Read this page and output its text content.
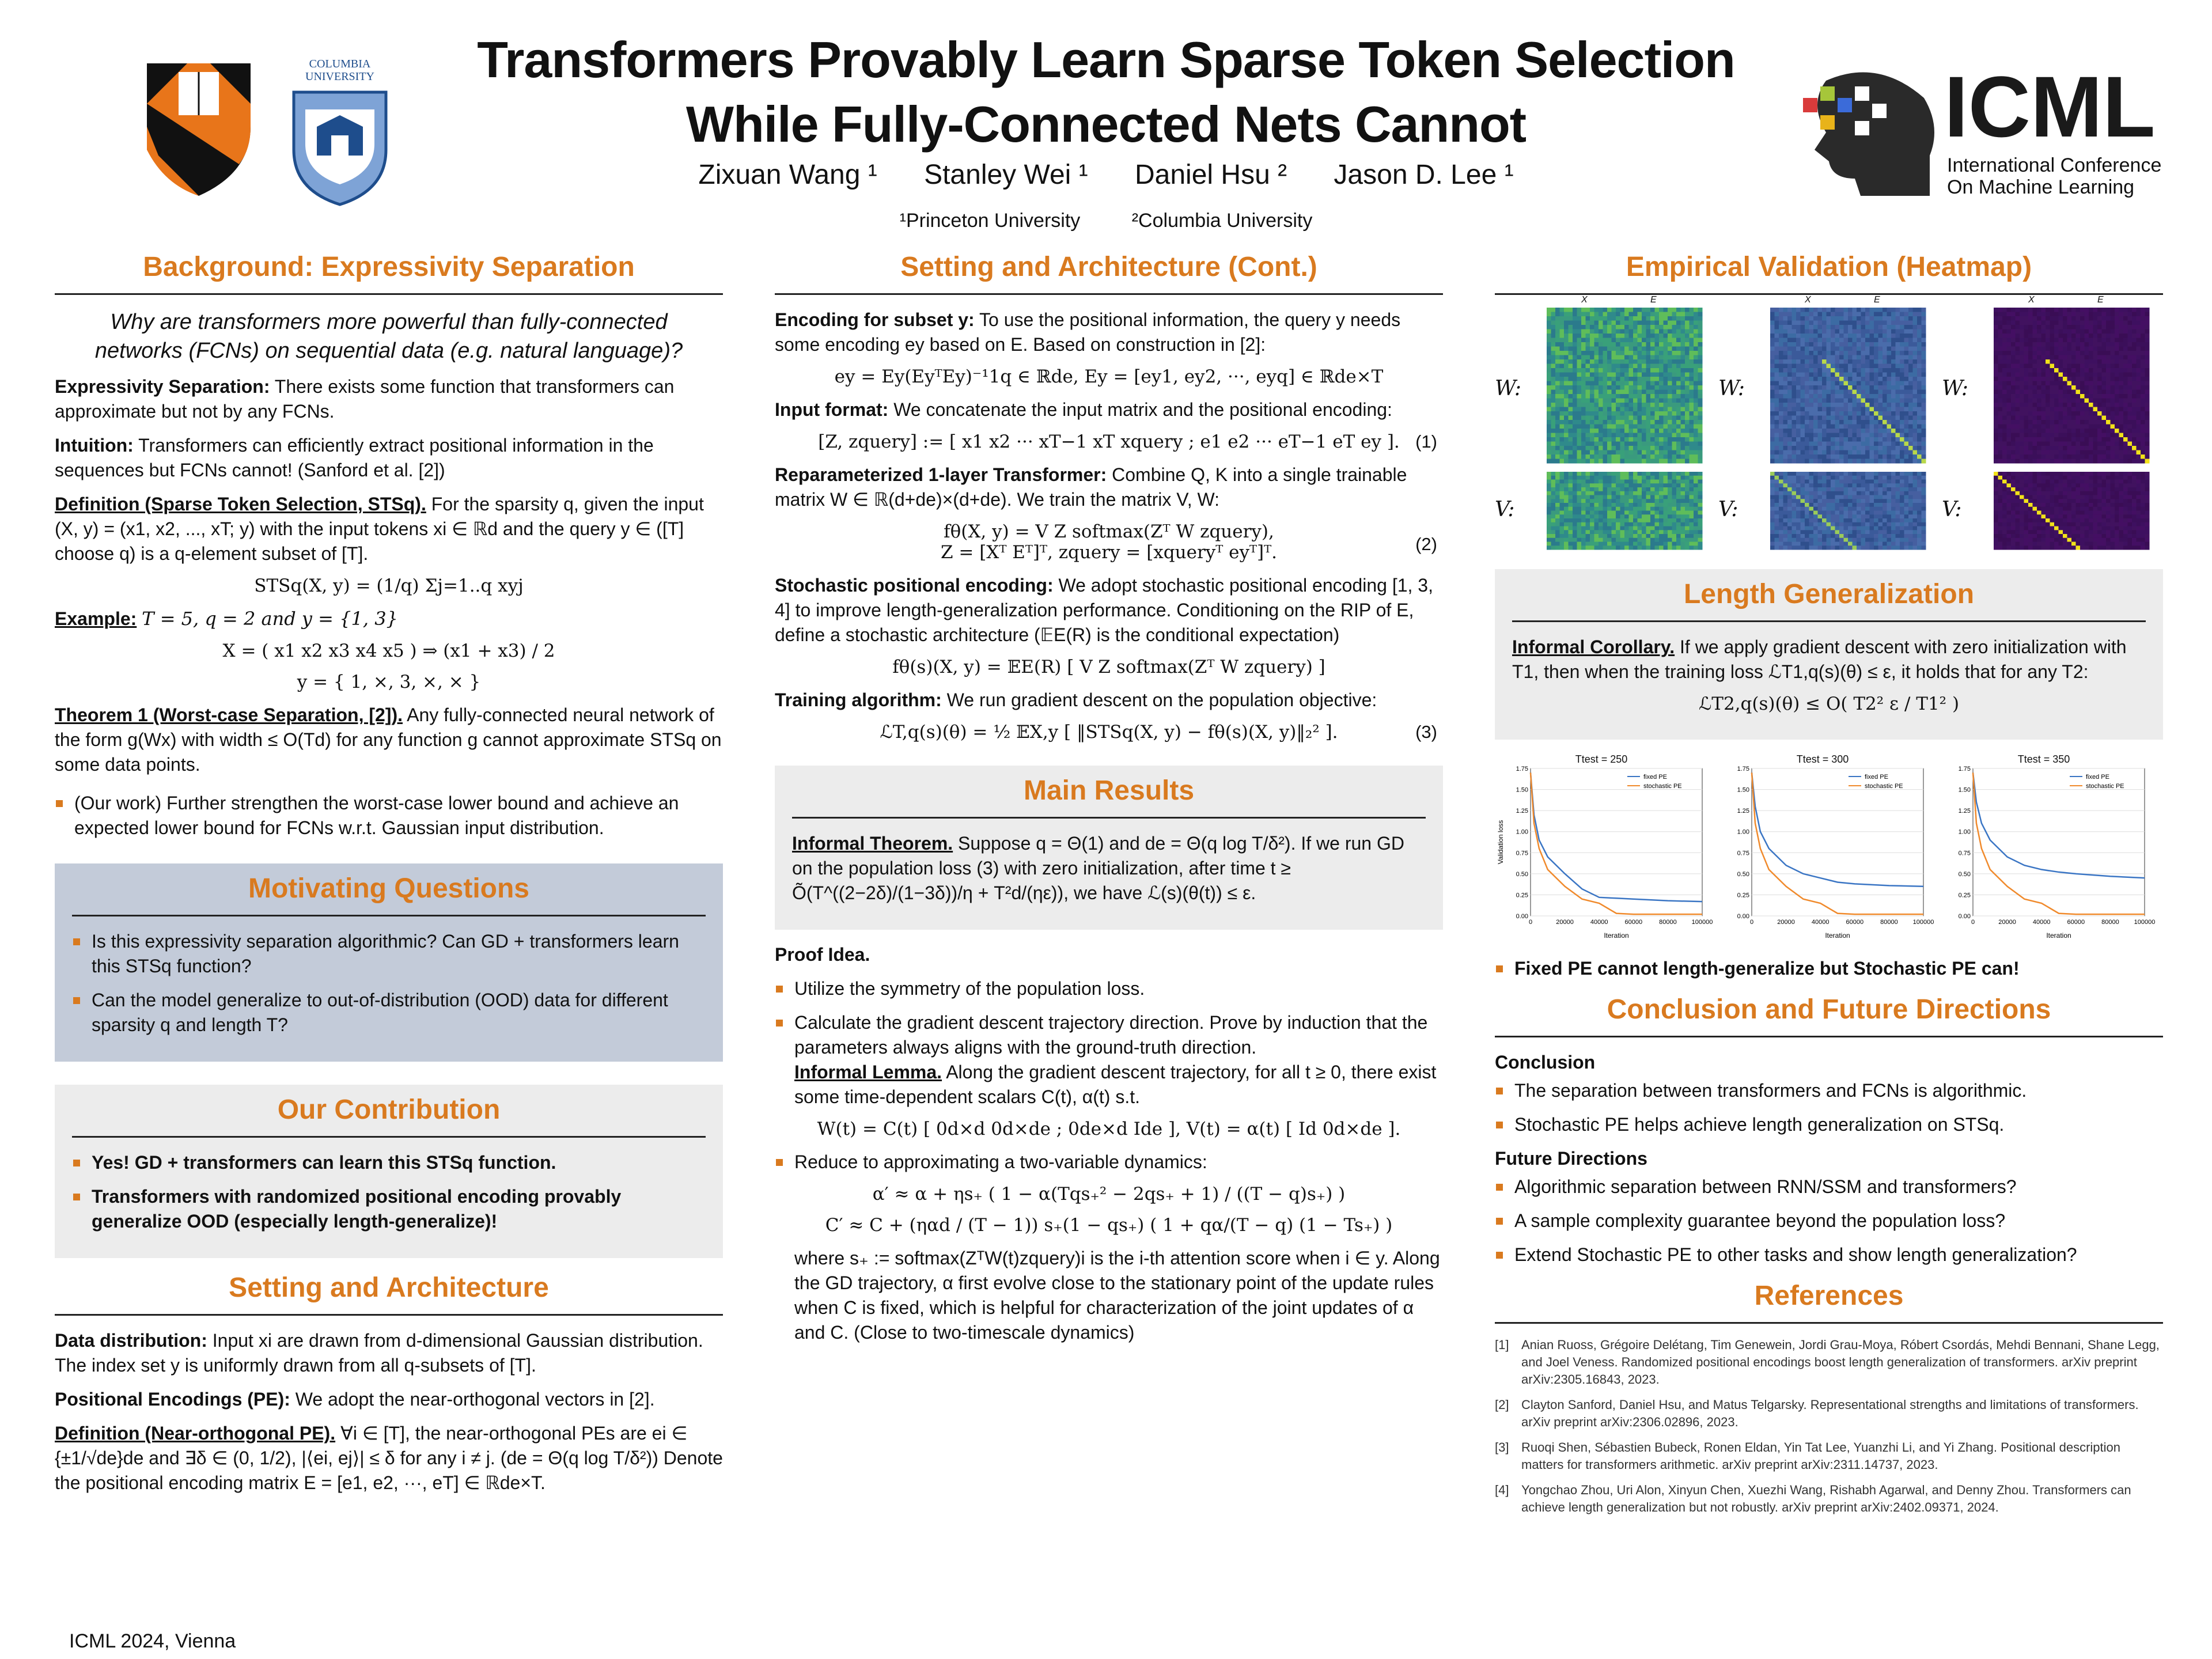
COLUMBIA UNIVERSITY	Transformers Provably Learn Sparse Token Selection
While Fully-Connected Nets Cannot
Zixuan Wang ¹ Stanley Wei ¹ Daniel Hsu ² Jason D. Lee ¹
¹Princeton University	²Columbia University
ICML
International Conference
On Machine Learning
Background: Expressivity Separation

Why are transformers more powerful than fully-connected networks (FCNs) on sequential data (e.g. natural language)?

Expressivity Separation: There exists some function that transformers can approximate but not by any FCNs.

Intuition: Transformers can efficiently extract positional information in the sequences but FCNs cannot! (Sanford et al. [2])

Definition (Sparse Token Selection, STSq). For the sparsity q, given the input (X, y) = (x1, x2, ..., xT; y) with the input tokens xi ∈ ℝd and the query y ∈ ([T] choose q) is a q-element subset of [T].

STSq(X, y) = (1/q) Σj=1..q xyj

Example: T = 5, q = 2 and y = {1, 3}

X = ( x1 x2 x3 x4 x5 ) ⇒ (x1 + x3) / 2
y = { 1, ×, 3, ×, × }

Theorem 1 (Worst-case Separation, [2]). Any fully-connected neural network of the form g(Wx) with width ≤ O(Td) for any function g cannot approximate STSq on some data points.

(Our work) Further strengthen the worst-case lower bound and achieve an expected lower bound for FCNs w.r.t. Gaussian input distribution.
Motivating Questions
Is this expressivity separation algorithmic? Can GD + transformers learn this STSq function?
Can the model generalize to out-of-distribution (OOD) data for different sparsity q and length T?
Our Contribution
Yes! GD + transformers can learn this STSq function.
Transformers with randomized positional encoding provably generalize OOD (especially length-generalize)!
Setting and Architecture

Data distribution: Input xi are drawn from d-dimensional Gaussian distribution. The index set y is uniformly drawn from all q-subsets of [T].

Positional Encodings (PE): We adopt the near-orthogonal vectors in [2].

Definition (Near-orthogonal PE). ∀i ∈ [T], the near-orthogonal PEs are ei ∈ {±1/√de}de and ∃δ ∈ (0, 1/2), |⟨ei, ej⟩| ≤ δ for any i ≠ j. (de = Θ(q log T/δ²)) Denote the positional encoding matrix E = [e1, e2, ···, eT] ∈ ℝde×T.

Setting and Architecture (Cont.)

Encoding for subset y: To use the positional information, the query y needs some encoding ey based on E. Based on construction in [2]:

ey = Ey(EyᵀEy)⁻¹1q ∈ ℝde, Ey = [ey1, ey2, ···, eyq] ∈ ℝde×T

Input format: We concatenate the input matrix and the positional encoding:

[Z, zquery] := [ x1 x2 ··· xT−1 xT xquery ; e1 e2 ··· eT−1 eT ey ]. (1)

Reparameterized 1-layer Transformer: Combine Q, K into a single trainable matrix W ∈ ℝ(d+de)×(d+de). We train the matrix V, W:

fθ(X, y) = V Z softmax(Zᵀ W zquery),
Z = [Xᵀ Eᵀ]ᵀ, zquery = [xqueryᵀ eyᵀ]ᵀ.	(2)

Stochastic positional encoding: We adopt stochastic positional encoding [1, 3, 4] to improve length-generalization performance. Conditioning on the RIP of E, define a stochastic architecture (𝔼E(R) is the conditional expectation)

fθ(s)(X, y) = 𝔼E(R) [ V Z softmax(Zᵀ W zquery) ]

Training algorithm: We run gradient descent on the population objective:

ℒT,q(s)(θ) = ½ 𝔼X,y [ ‖STSq(X, y) − fθ(s)(X, y)‖₂² ].	(3)
Main Results

Informal Theorem. Suppose q = Θ(1) and de = Θ(q log T/δ²). If we run GD on the population loss (3) with zero initialization, after time t ≥ Õ(T^((2−2δ)/(1−3δ))/η + T²d/(ηε)), we have ℒ(s)(θ(t)) ≤ ε.

Proof Idea.

Utilize the symmetry of the population loss.
Calculate the gradient descent trajectory direction. Prove by induction that the parameters always aligns with the ground-truth direction.
Informal Lemma. Along the gradient descent trajectory, for all t ≥ 0, there exist some time-dependent scalars C(t), α(t) s.t.
W(t) = C(t) [ 0d×d 0d×de ; 0de×d Ide ], V(t) = α(t) [ Id 0d×de ].
Reduce to approximating a two-variable dynamics:
α′ ≈ α + ηs₊ ( 1 − α(Tqs₊² − 2qs₊ + 1) / ((T − q)s₊) )
C′ ≈ C + (ηαd / (T − 1)) s₊(1 − qs₊) ( 1 + qα/(T − q) (1 − Ts₊) )

where s₊ := softmax(ZᵀW(t)zquery)i is the i-th attention score when i ∈ y. Along the GD trajectory, α first evolve close to the stationary point of the update rules when C is fixed, which is helpful for characterization of the joint updates of α and C. (Close to two-timescale dynamics)

Empirical Validation (Heatmap)
W:
V:
X	E
W:
V:
X	E
W:
V:
X	E
Length Generalization

Informal Corollary. If we apply gradient descent with zero initialization with T1, then when the training loss ℒT1,q(s)(θ) ≤ ε, it holds that for any T2:

ℒT2,q(s)(θ) ≤ O( T2² ε / T1² )
Ttest = 250
0.00
0.25
0.50
0.75
1.00
1.25
1.50
1.75
0	20000	40000	60000	80000 100000
Iteration
Validation loss
fixed PE
stochastic PE
Ttest = 300
0.00
0.25
0.50
0.75
1.00
1.25
1.50
1.75
0	20000	40000	60000	80000 100000
Iteration
fixed PE
stochastic PE
Ttest = 350
0.00
0.25
0.50
0.75
1.00
1.25
1.50
1.75
0	20000	40000	60000	80000 100000
Iteration
fixed PE
stochastic PE
Fixed PE cannot length-generalize but Stochastic PE can!
Conclusion and Future Directions

Conclusion

The separation between transformers and FCNs is algorithmic.
Stochastic PE helps achieve length generalization on STSq.

Future Directions

Algorithmic separation between RNN/SSM and transformers?
A sample complexity guarantee beyond the population loss?
Extend Stochastic PE to other tasks and show length generalization?
References
[1] Anian Ruoss, Grégoire Delétang, Tim Genewein, Jordi Grau-Moya, Róbert Csordás, Mehdi Bennani, Shane Legg, and Joel Veness. Randomized positional encodings boost length generalization of transformers. arXiv preprint arXiv:2305.16843, 2023.
[2] Clayton Sanford, Daniel Hsu, and Matus Telgarsky. Representational strengths and limitations of transformers. arXiv preprint arXiv:2306.02896, 2023.
[3] Ruoqi Shen, Sébastien Bubeck, Ronen Eldan, Yin Tat Lee, Yuanzhi Li, and Yi Zhang. Positional description matters for transformers arithmetic. arXiv preprint arXiv:2311.14737, 2023.
[4] Yongchao Zhou, Uri Alon, Xinyun Chen, Xuezhi Wang, Rishabh Agarwal, and Denny Zhou. Transformers can achieve length generalization but not robustly. arXiv preprint arXiv:2402.09371, 2024.
ICML 2024, Vienna
